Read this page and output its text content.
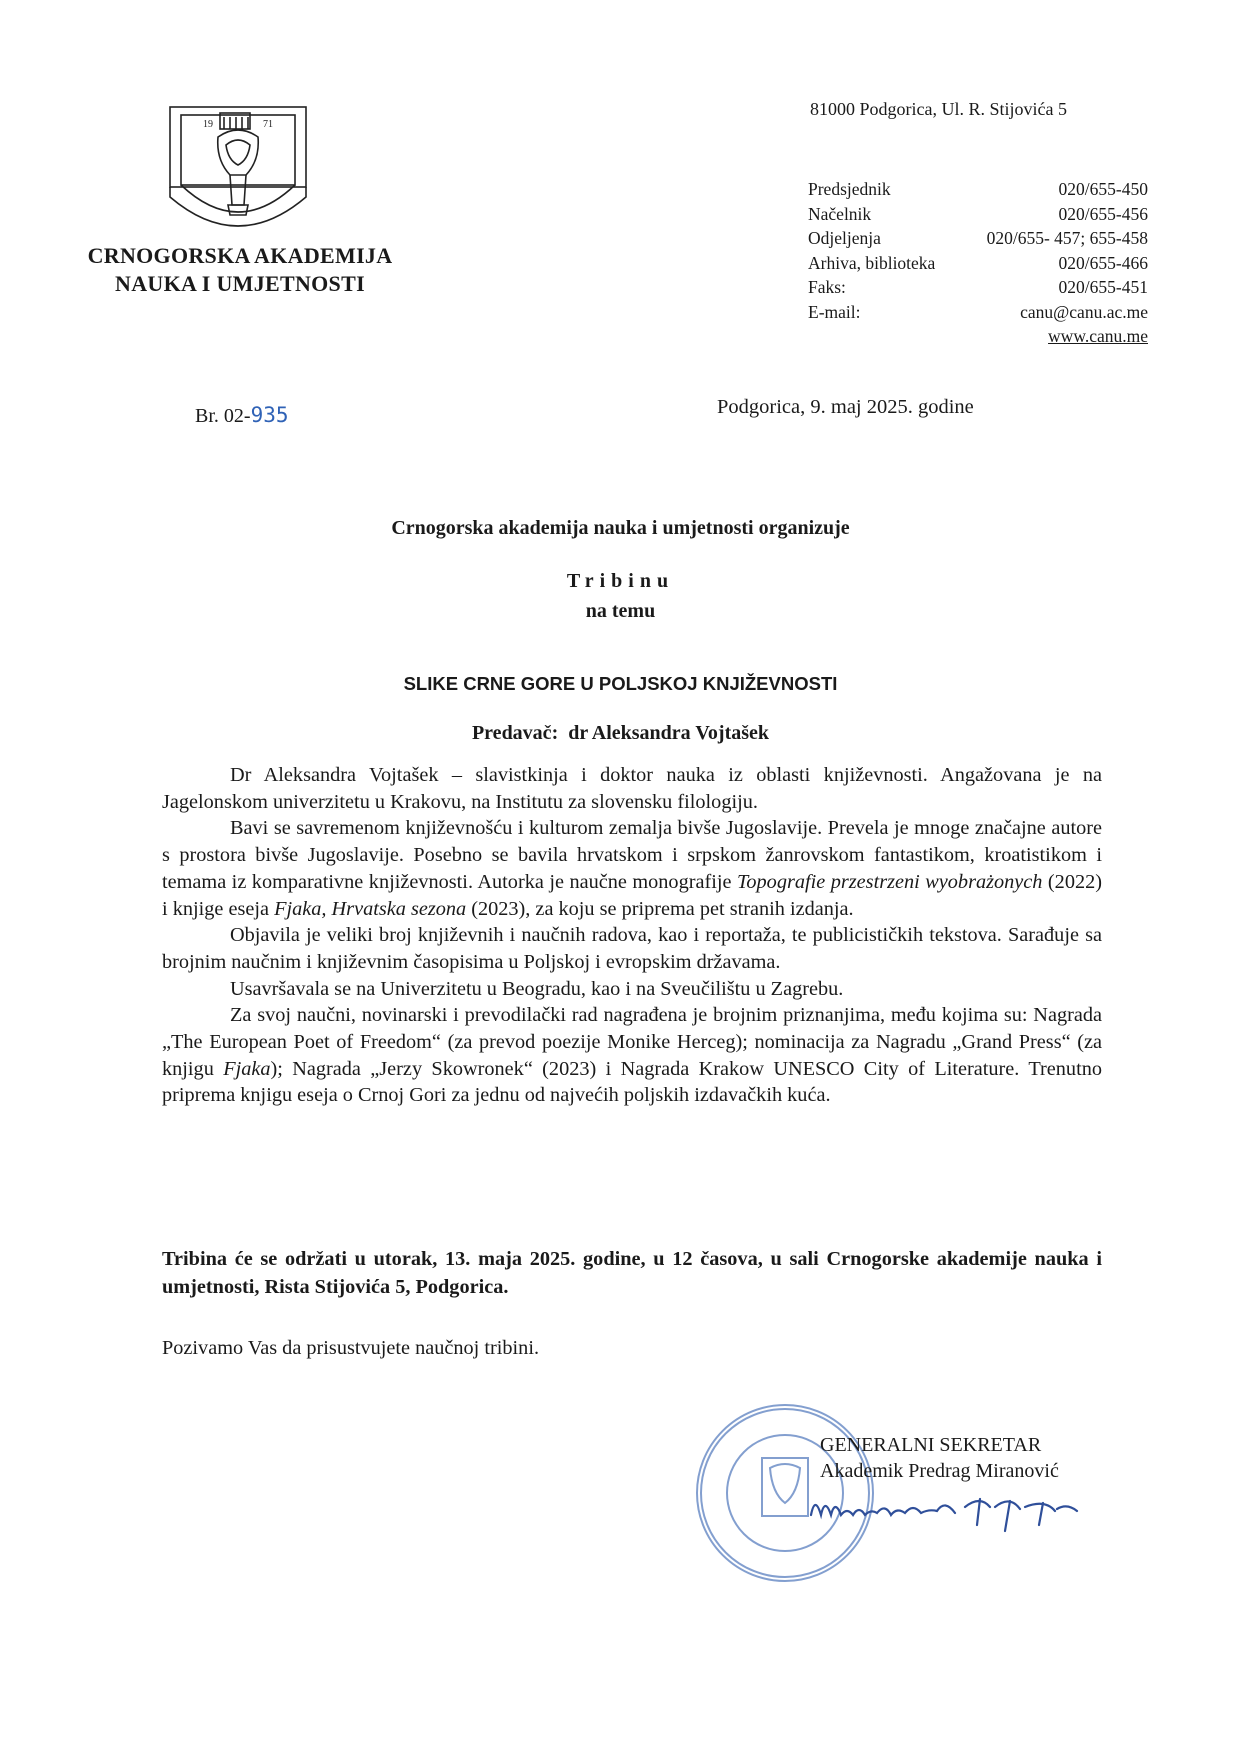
19	71
CRNOGORSKA AKADEMIJA
NAUKA I UMJETNOSTI
81000 Podgorica, Ul. R. Stijovića 5
Predsjednik	020/655-450
Načelnik	020/655-456
Odjeljenja	020/655- 457; 655-458
Arhiva, biblioteka	020/655-466
Faks:	020/655-451
E-mail:	canu@canu.ac.me
www.canu.me
Br. 02-935	Podgorica, 9. maj 2025. godine
Crnogorska akademija nauka i umjetnosti organizuje
Tribinu
na temu
SLIKE CRNE GORE U POLJSKOJ KNJIŽEVNOSTI
Predavač: dr Aleksandra Vojtašek

Dr Aleksandra Vojtašek – slavistkinja i doktor nauka iz oblasti književnosti. Angažovana je na Jagelonskom univerzitetu u Krakovu, na Institutu za slovensku filologiju.

Bavi se savremenom književnošću i kulturom zemalja bivše Jugoslavije. Prevela je mnoge značajne autore s prostora bivše Jugoslavije. Posebno se bavila hrvatskom i srpskom žanrovskom fantastikom, kroatistikom i temama iz komparativne književnosti. Autorka je naučne monografije Topografie przestrzeni wyobrażonych (2022) i knjige eseja Fjaka, Hrvatska sezona (2023), za koju se priprema pet stranih izdanja.

Objavila je veliki broj književnih i naučnih radova, kao i reportaža, te publicističkih tekstova. Sarađuje sa brojnim naučnim i književnim časopisima u Poljskoj i evropskim državama.

Usavršavala se na Univerzitetu u Beogradu, kao i na Sveučilištu u Zagrebu.

Za svoj naučni, novinarski i prevodilački rad nagrađena je brojnim priznanjima, među kojima su: Nagrada „The European Poet of Freedom“ (za prevod poezije Monike Herceg); nominacija za Nagradu „Grand Press“ (za knjigu Fjaka); Nagrada „Jerzy Skowronek“ (2023) i Nagrada Krakow UNESCO City of Literature. Trenutno priprema knjigu eseja o Crnoj Gori za jednu od najvećih poljskih izdavačkih kuća.

Tribina će se održati u utorak, 13. maja 2025. godine, u 12 časova, u sali Crnogorske akademije nauka i umjetnosti, Rista Stijovića 5, Podgorica.
Pozivamo Vas da prisustvujete naučnoj tribini.
GENERALNI SEKRETAR
Akademik Predrag Miranović
